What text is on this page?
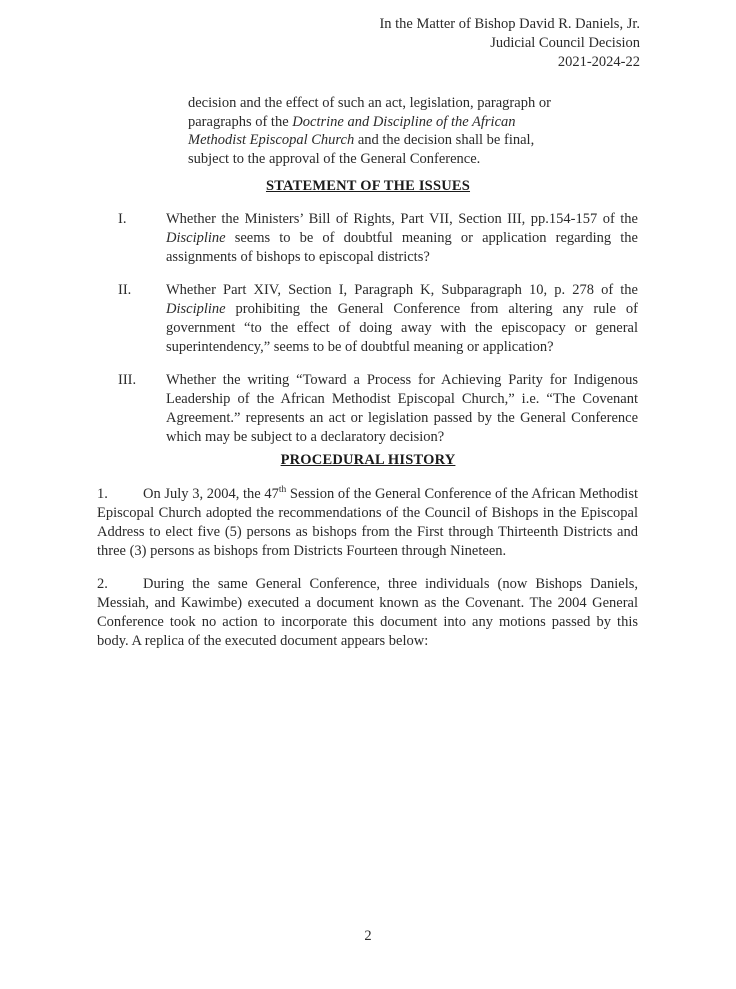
In the Matter of Bishop David R. Daniels, Jr.
Judicial Council Decision
2021-2024-22
decision and the effect of such an act, legislation, paragraph or paragraphs of the Doctrine and Discipline of the African Methodist Episcopal Church and the decision shall be final, subject to the approval of the General Conference.
STATEMENT OF THE ISSUES
I.	Whether the Ministers’ Bill of Rights, Part VII, Section III, pp.154-157 of the Discipline seems to be of doubtful meaning or application regarding the assignments of bishops to episcopal districts?
II.	Whether Part XIV, Section I, Paragraph K, Subparagraph 10, p. 278 of the Discipline prohibiting the General Conference from altering any rule of government “to the effect of doing away with the episcopacy or general superintendency,” seems to be of doubtful meaning or application?
III.	Whether the writing “Toward a Process for Achieving Parity for Indigenous Leadership of the African Methodist Episcopal Church,” i.e. “The Covenant Agreement.” represents an act or legislation passed by the General Conference which may be subject to a declaratory decision?
PROCEDURAL HISTORY
1. On July 3, 2004, the 47th Session of the General Conference of the African Methodist Episcopal Church adopted the recommendations of the Council of Bishops in the Episcopal Address to elect five (5) persons as bishops from the First through Thirteenth Districts and three (3) persons as bishops from Districts Fourteen through Nineteen.
2. During the same General Conference, three individuals (now Bishops Daniels, Messiah, and Kawimbe) executed a document known as the Covenant. The 2004 General Conference took no action to incorporate this document into any motions passed by this body. A replica of the executed document appears below:
2
